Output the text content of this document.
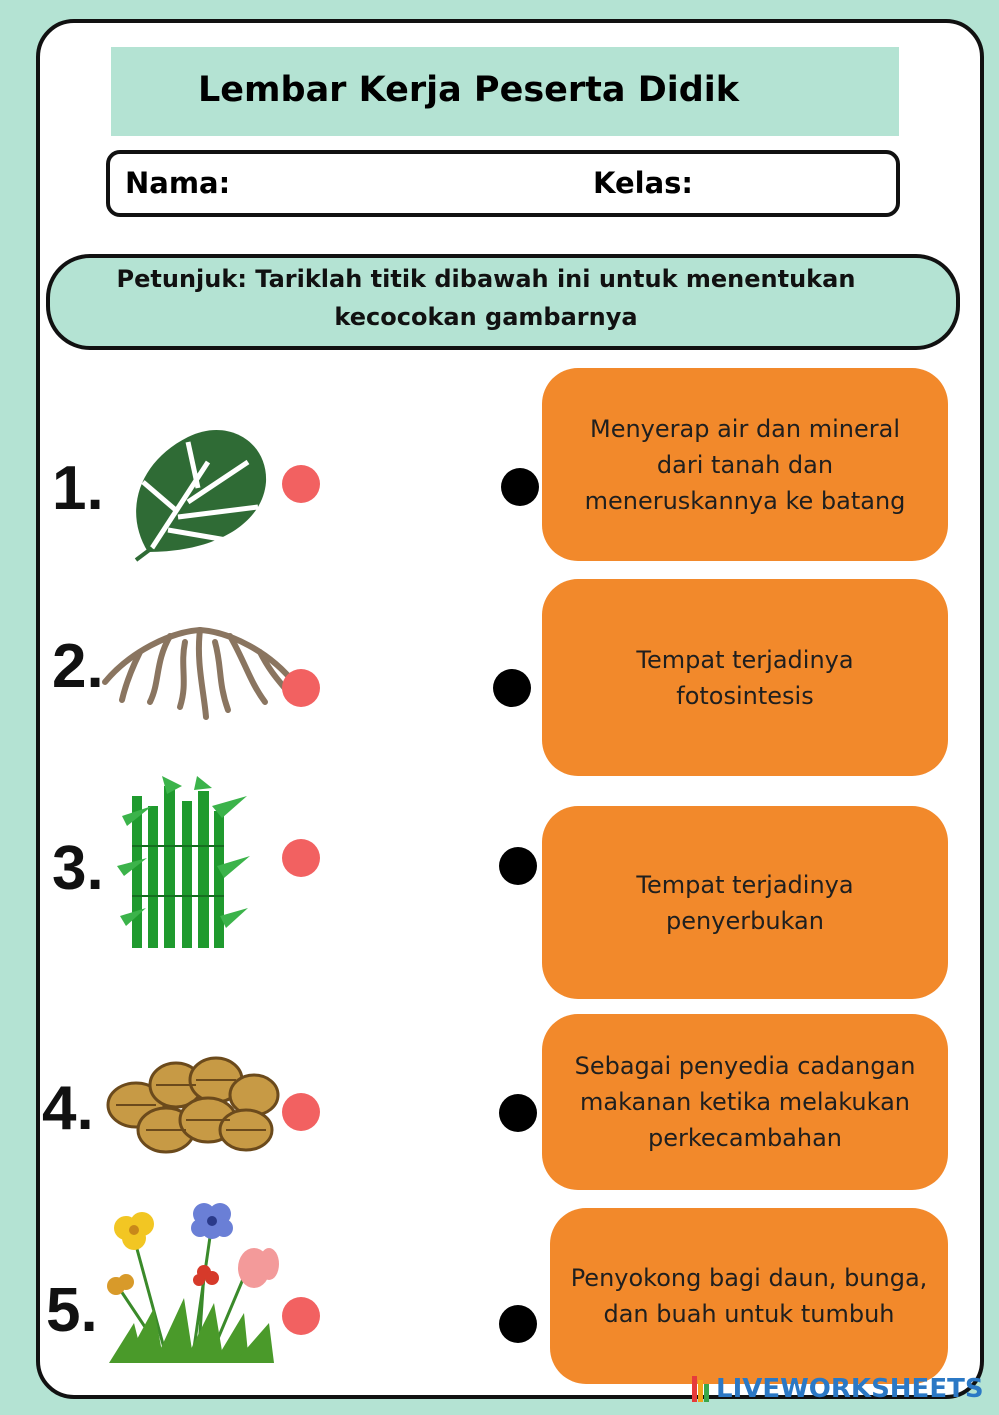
Lembar Kerja Peserta Didik
Nama:	Kelas:
Petunjuk: Tariklah titik dibawah ini untuk menentukan
kecocokan gambarnya
1.
Menyerap air dan mineral
dari tanah dan
meneruskannya ke batang
2.	Tempat terjadinya
fotosintesis
3.	Tempat terjadinya
penyerbukan
4.
Sebagai penyedia cadangan
makanan ketika melakukan
perkecambahan
5.	Penyokong bagi daun, bunga,
dan buah untuk tumbuh
LIVEWORKSHEETS
